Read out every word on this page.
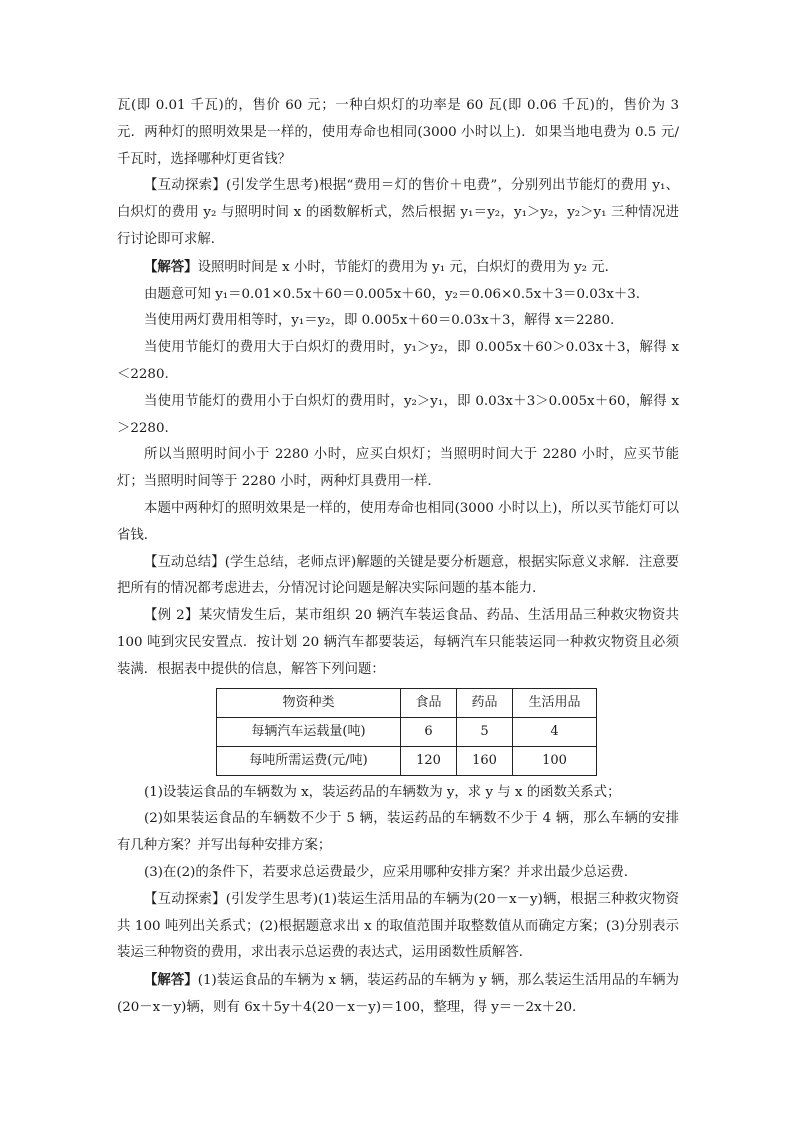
瓦(即 0.01 千瓦)的，售价 60 元；一种白炽灯的功率是 60 瓦(即 0.06 千瓦)的，售价为 3 元．两种灯的照明效果是一样的，使用寿命也相同(3000 小时以上)．如果当地电费为 0.5 元/千瓦时，选择哪种灯更省钱？

【互动探索】(引发学生思考)根据“费用＝灯的售价＋电费”，分别列出节能灯的费用 y₁、白炽灯的费用 y₂ 与照明时间 x 的函数解析式，然后根据 y₁＝y₂，y₁＞y₂，y₂＞y₁ 三种情况进行讨论即可求解．

【解答】设照明时间是 x 小时，节能灯的费用为 y₁ 元，白炽灯的费用为 y₂ 元．

由题意可知 y₁＝0.01×0.5x＋60＝0.005x＋60，y₂＝0.06×0.5x＋3＝0.03x＋3.

当使用两灯费用相等时，y₁＝y₂，即 0.005x＋60＝0.03x＋3，解得 x＝2280.

当使用节能灯的费用大于白炽灯的费用时，y₁＞y₂，即 0.005x＋60＞0.03x＋3，解得 x＜2280.

当使用节能灯的费用小于白炽灯的费用时，y₂＞y₁，即 0.03x＋3＞0.005x＋60，解得 x＞2280.

所以当照明时间小于 2280 小时，应买白炽灯；当照明时间大于 2280 小时，应买节能灯；当照明时间等于 2280 小时，两种灯具费用一样．

本题中两种灯的照明效果是一样的，使用寿命也相同(3000 小时以上)，所以买节能灯可以省钱．

【互动总结】(学生总结，老师点评)解题的关键是要分析题意，根据实际意义求解．注意要把所有的情况都考虑进去，分情况讨论问题是解决实际问题的基本能力．

【例 2】某灾情发生后，某市组织 20 辆汽车装运食品、药品、生活用品三种救灾物资共 100 吨到灾民安置点．按计划 20 辆汽车都要装运，每辆汽车只能装运同一种救灾物资且必须装满．根据表中提供的信息，解答下列问题：

物资种类	食品	药品	生活用品
每辆汽车运载量(吨)	6	5	4
每吨所需运费(元/吨)	120	160	100

(1)设装运食品的车辆数为 x，装运药品的车辆数为 y，求 y 与 x 的函数关系式；

(2)如果装运食品的车辆数不少于 5 辆，装运药品的车辆数不少于 4 辆，那么车辆的安排有几种方案？并写出每种安排方案；

(3)在(2)的条件下，若要求总运费最少，应采用哪种安排方案？并求出最少总运费．

【互动探索】(引发学生思考)(1)装运生活用品的车辆为(20－x－y)辆，根据三种救灾物资共 100 吨列出关系式；(2)根据题意求出 x 的取值范围并取整数值从而确定方案；(3)分别表示装运三种物资的费用，求出表示总运费的表达式，运用函数性质解答．

【解答】(1)装运食品的车辆为 x 辆，装运药品的车辆为 y 辆，那么装运生活用品的车辆为(20－x－y)辆，则有 6x＋5y＋4(20－x－y)＝100，整理，得 y＝－2x＋20.
